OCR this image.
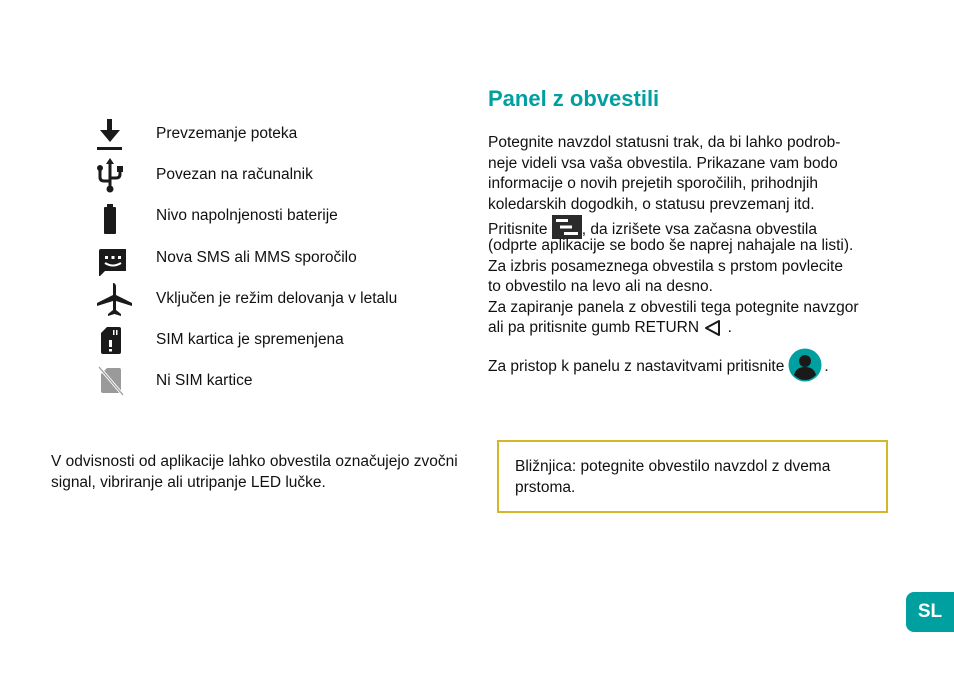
Prevzemanje poteka
Povezan na računalnik
Nivo napolnjenosti baterije
Nova SMS ali MMS sporočilo
Vključen je režim delovanja v letalu
SIM kartica je spremenjena
Ni SIM kartice

V odvisnosti od aplikacije lahko obvestila označujejo zvočni signal, vibriranje ali utripanje LED lučke.

Panel z obvestili
Potegnite navzdol statusni trak, da bi lahko podrob-
neje videli vsa vaša obvestila. Prikazane vam bodo
informacije o novih prejetih sporočilih, prihodnjih
koledarskih dogodkih, o statusu prevzemanj itd.
Pritisnite , da izrišete vsa začasna obvestila
(odprte aplikacije se bodo še naprej nahajale na listi).
Za izbris posameznega obvestila s prstom povlecite
to obvestilo na levo ali na desno.
Za zapiranje panela z obvestili tega potegnite navzgor
ali pa pritisnite gumb RETURN  .
Za pristop k panelu z nastavitvami pritisnite	.
Bližnjica: potegnite obvestilo navzdol z dvema prstoma.
SL
